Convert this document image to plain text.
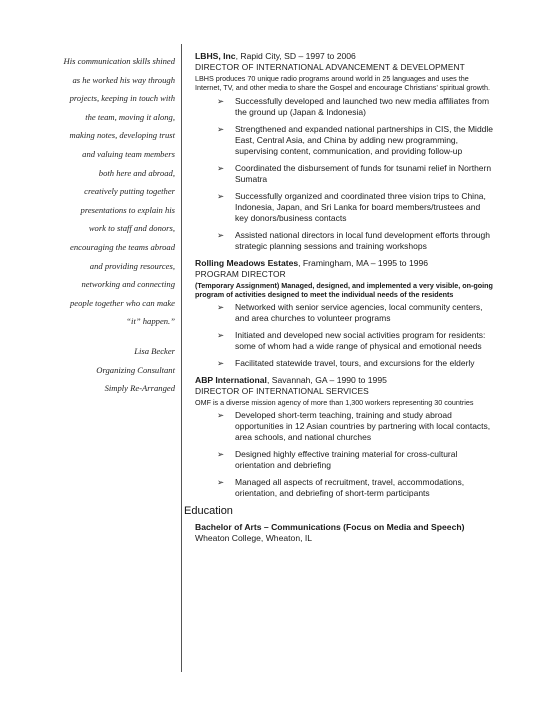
His communication skills shined
as he worked his way through
projects, keeping in touch with
the team, moving it along,
making notes, developing trust
and valuing team members
both here and abroad,
creatively putting together
presentations to explain his
work to staff and donors,
encouraging the teams abroad
and providing resources,
networking and connecting
people together who can make
“it” happen.”
Lisa Becker
Organizing Consultant
Simply Re-Arranged
LBHS, Inc, Rapid City, SD – 1997 to 2006
DIRECTOR OF INTERNATIONAL ADVANCEMENT & DEVELOPMENT
LBHS produces 70 unique radio programs around world in 25 languages and uses the Internet, TV, and other media to share the Gospel and encourage Christians’ spiritual growth.
➢ Successfully developed and launched two new media affiliates from the ground up (Japan & Indonesia)
➢ Strengthened and expanded national partnerships in CIS, the Middle East, Central Asia, and China by adding new programming, supervising content, communication, and providing follow-up
➢ Coordinated the disbursement of funds for tsunami relief in Northern Sumatra
➢ Successfully organized and coordinated three vision trips to China, Indonesia, Japan, and Sri Lanka for board members/trustees and key donors/business contacts
➢ Assisted national directors in local fund development efforts through strategic planning sessions and training workshops
Rolling Meadows Estates, Framingham, MA – 1995 to 1996
PROGRAM DIRECTOR
(Temporary Assignment) Managed, designed, and implemented a very visible, on-going program of activities designed to meet the individual needs of the residents
➢ Networked with senior service agencies, local community centers, and area churches to volunteer programs
➢ Initiated and developed new social activities program for residents: some of whom had a wide range of physical and emotional needs
➢ Facilitated statewide travel, tours, and excursions for the elderly
ABP International, Savannah, GA – 1990 to 1995
DIRECTOR OF INTERNATIONAL SERVICES
OMF is a diverse mission agency of more than 1,300 workers representing 30 countries
➢ Developed short-term teaching, training and study abroad opportunities in 12 Asian countries by partnering with local contacts, area schools, and national churches
➢ Designed highly effective training material for cross-cultural orientation and debriefing
➢ Managed all aspects of recruitment, travel, accommodations, orientation, and debriefing of short-term participants
Education
Bachelor of Arts – Communications (Focus on Media and Speech)
Wheaton College, Wheaton, IL
